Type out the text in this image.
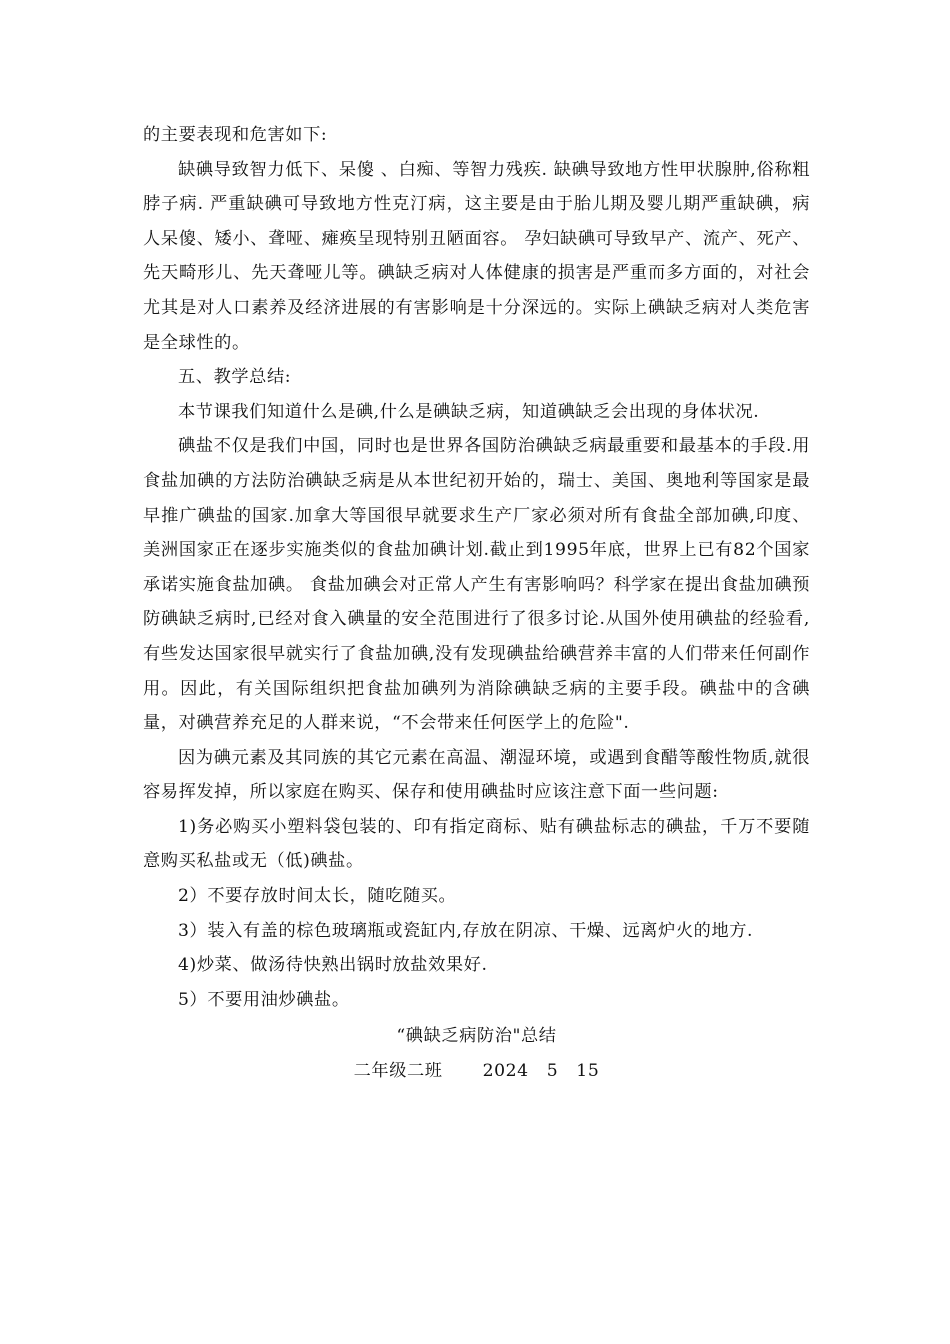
的主要表现和危害如下:

缺碘导致智力低下、呆傻 、白痴、等智力残疾. 缺碘导致地方性甲状腺肿,俗称粗脖子病. 严重缺碘可导致地方性克汀病，这主要是由于胎儿期及婴儿期严重缺碘，病人呆傻、矮小、聋哑、瘫痪呈现特别丑陋面容。 孕妇缺碘可导致早产、流产、死产、先天畸形儿、先天聋哑儿等。碘缺乏病对人体健康的损害是严重而多方面的，对社会尤其是对人口素养及经济进展的有害影响是十分深远的。实际上碘缺乏病对人类危害是全球性的。

五、教学总结:

本节课我们知道什么是碘,什么是碘缺乏病，知道碘缺乏会出现的身体状况.

碘盐不仅是我们中国，同时也是世界各国防治碘缺乏病最重要和最基本的手段.用食盐加碘的方法防治碘缺乏病是从本世纪初开始的，瑞士、美国、奥地利等国家是最早推广碘盐的国家.加拿大等国很早就要求生产厂家必须对所有食盐全部加碘,印度、美洲国家正在逐步实施类似的食盐加碘计划.截止到1995年底，世界上已有82个国家承诺实施食盐加碘。 食盐加碘会对正常人产生有害影响吗？科学家在提出食盐加碘预防碘缺乏病时,已经对食入碘量的安全范围进行了很多讨论.从国外使用碘盐的经验看,有些发达国家很早就实行了食盐加碘,没有发现碘盐给碘营养丰富的人们带来任何副作用。因此，有关国际组织把食盐加碘列为消除碘缺乏病的主要手段。碘盐中的含碘量，对碘营养充足的人群来说，“不会带来任何医学上的危险".

因为碘元素及其同族的其它元素在高温、潮湿环境，或遇到食醋等酸性物质,就很容易挥发掉，所以家庭在购买、保存和使用碘盐时应该注意下面一些问题:

1)务必购买小塑料袋包装的、印有指定商标、贴有碘盐标志的碘盐，千万不要随意购买私盐或无（低)碘盐。

2）不要存放时间太长，随吃随买。

3）装入有盖的棕色玻璃瓶或瓷缸内,存放在阴凉、干燥、远离炉火的地方.

4)炒菜、做汤待快熟出锅时放盐效果好.

5）不要用油炒碘盐。

“碘缺乏病防治"总结

二年级二班 2024 5 15
